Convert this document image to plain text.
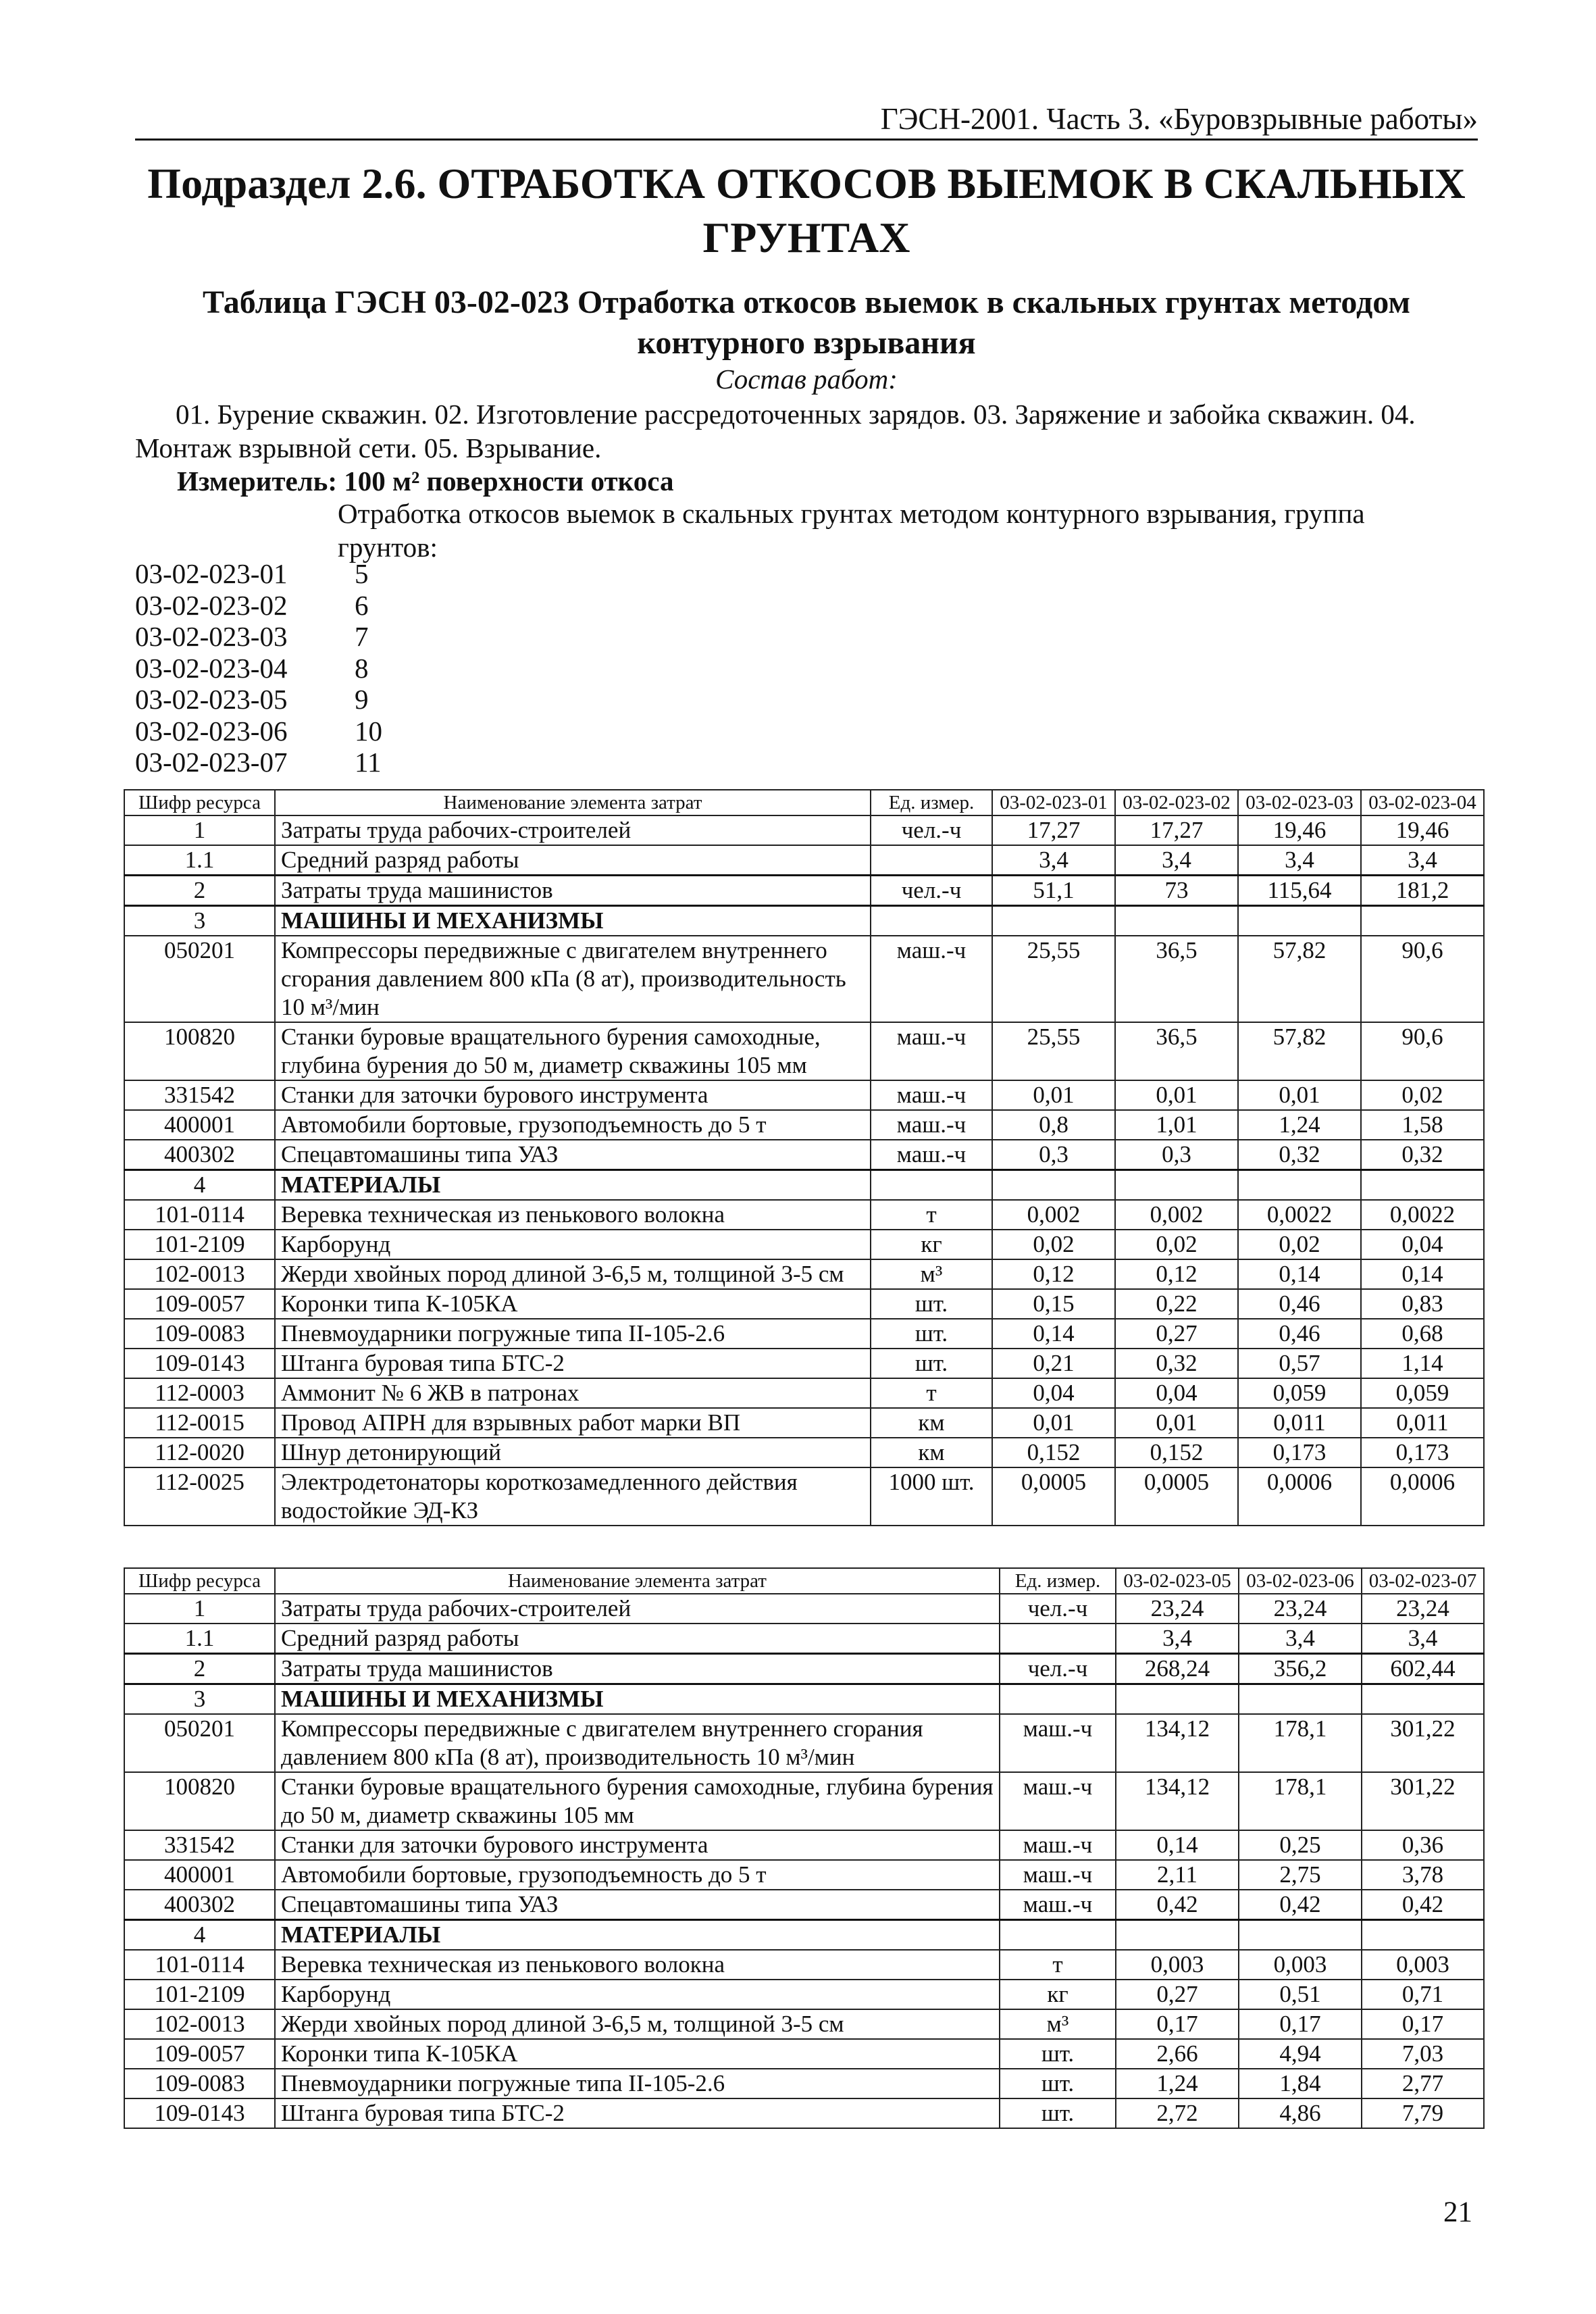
ГЭСН-2001. Часть 3. «Буровзрывные работы»
Подраздел 2.6. ОТРАБОТКА ОТКОСОВ ВЫЕМОК В СКАЛЬНЫХ
ГРУНТАХ
Таблица ГЭСН 03-02-023 Отработка откосов выемок в скальных грунтах методом
контурного взрывания
Состав работ:
01. Бурение скважин. 02. Изготовление рассредоточенных зарядов. 03. Заряжение и забойка скважин. 04. Монтаж взрывной сети. 05. Взрывание.
Измеритель: 100 м² поверхности откоса
Отработка откосов выемок в скальных грунтах методом контурного взрывания, группа грунтов:
03-02-023-01	5
03-02-023-02	6
03-02-023-03	7
03-02-023-04	8
03-02-023-05	9
03-02-023-06	10
03-02-023-07	11
Шифр ресурса	Наименование элемента затрат	Ед. измер.	03-02-023-01	03-02-023-02	03-02-023-03	03-02-023-04
1	Затраты труда рабочих-строителей	чел.-ч	17,27	17,27	19,46	19,46
1.1	Средний разряд работы		3,4	3,4	3,4	3,4
2	Затраты труда машинистов	чел.-ч	51,1	73	115,64	181,2
3	МАШИНЫ И МЕХАНИЗМЫ					
050201	Компрессоры передвижные с двигателем внутреннего сгорания давлением 800 кПа (8 ат), производительность 10 м³/мин	маш.-ч	25,55	36,5	57,82	90,6
100820	Станки буровые вращательного бурения самоходные, глубина бурения до 50 м, диаметр скважины 105 мм	маш.-ч	25,55	36,5	57,82	90,6
331542	Станки для заточки бурового инструмента	маш.-ч	0,01	0,01	0,01	0,02
400001	Автомобили бортовые, грузоподъемность до 5 т	маш.-ч	0,8	1,01	1,24	1,58
400302	Спецавтомашины типа УАЗ	маш.-ч	0,3	0,3	0,32	0,32
4	МАТЕРИАЛЫ					
101-0114	Веревка техническая из пенькового волокна	т	0,002	0,002	0,0022	0,0022
101-2109	Карборунд	кг	0,02	0,02	0,02	0,04
102-0013	Жерди хвойных пород длиной 3-6,5 м, толщиной 3-5 см	м³	0,12	0,12	0,14	0,14
109-0057	Коронки типа К-105КА	шт.	0,15	0,22	0,46	0,83
109-0083	Пневмоударники погружные типа II-105-2.6	шт.	0,14	0,27	0,46	0,68
109-0143	Штанга буровая типа БТС-2	шт.	0,21	0,32	0,57	1,14
112-0003	Аммонит № 6 ЖВ в патронах	т	0,04	0,04	0,059	0,059
112-0015	Провод АПРН для взрывных работ марки ВП	км	0,01	0,01	0,011	0,011
112-0020	Шнур детонирующий	км	0,152	0,152	0,173	0,173
112-0025	Электродетонаторы короткозамедленного действия водостойкие ЭД-КЗ	1000 шт.	0,0005	0,0005	0,0006	0,0006
Шифр ресурса	Наименование элемента затрат	Ед. измер.	03-02-023-05	03-02-023-06	03-02-023-07
1	Затраты труда рабочих-строителей	чел.-ч	23,24	23,24	23,24
1.1	Средний разряд работы		3,4	3,4	3,4
2	Затраты труда машинистов	чел.-ч	268,24	356,2	602,44
3	МАШИНЫ И МЕХАНИЗМЫ				
050201	Компрессоры передвижные с двигателем внутреннего сгорания давлением 800 кПа (8 ат), производительность 10 м³/мин	маш.-ч	134,12	178,1	301,22
100820	Станки буровые вращательного бурения самоходные, глубина бурения до 50 м, диаметр скважины 105 мм	маш.-ч	134,12	178,1	301,22
331542	Станки для заточки бурового инструмента	маш.-ч	0,14	0,25	0,36
400001	Автомобили бортовые, грузоподъемность до 5 т	маш.-ч	2,11	2,75	3,78
400302	Спецавтомашины типа УАЗ	маш.-ч	0,42	0,42	0,42
4	МАТЕРИАЛЫ				
101-0114	Веревка техническая из пенькового волокна	т	0,003	0,003	0,003
101-2109	Карборунд	кг	0,27	0,51	0,71
102-0013	Жерди хвойных пород длиной 3-6,5 м, толщиной 3-5 см	м³	0,17	0,17	0,17
109-0057	Коронки типа К-105КА	шт.	2,66	4,94	7,03
109-0083	Пневмоударники погружные типа II-105-2.6	шт.	1,24	1,84	2,77
109-0143	Штанга буровая типа БТС-2	шт.	2,72	4,86	7,79
21
